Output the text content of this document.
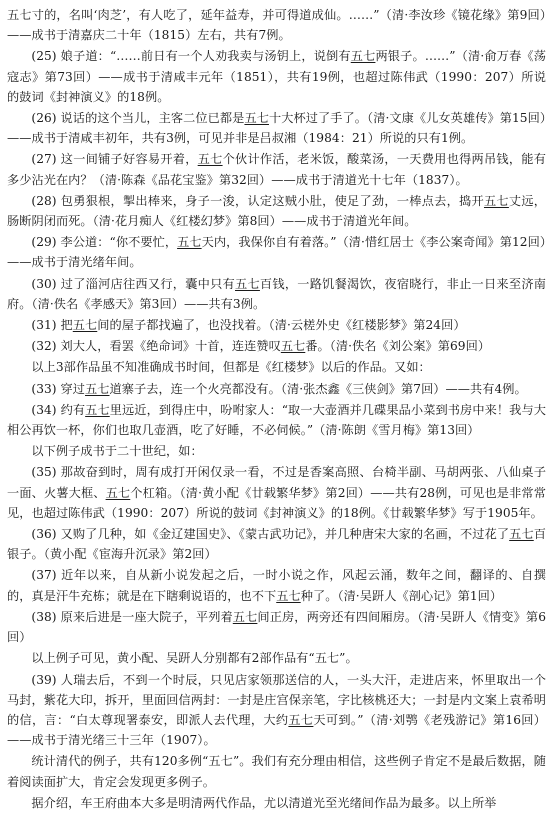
五七寸的，名叫‘肉芝’，有人吃了，延年益寿，并可得道成仙。……”（清·李汝珍《镜花缘》第9回）——成书于清嘉庆二十年（1815）左右，共有7例。
(25) 娘子道：“……前日有一个人劝我卖与汤钥上，说倒有五七两银子。……”（清·俞万春《荡寇志》第73回）——成书于清咸丰元年（1851），共有19例，也超过陈伟武（1990：207）所说的鼓词《封神演义》的18例。
(26) 说话的这个当儿，主客二位已都是五七十大杯过了手了。（清·文康《儿女英雄传》第15回）——成书于清咸丰初年，共有3例，可见并非是吕叔湘（1984：21）所说的只有1例。
(27) 这一间铺子好容易开着，五七个伙计作活，老米饭，酸菜汤，一天费用也得两吊钱，能有多少沾光在内？（清·陈森《品花宝鉴》第32回）——成书于清道光十七年（1837）。
(28) 包勇狠根，掣出棒来，身子一浚，认定这贼小肚，使足了劲，一棒点去，捣开五七丈远，肠断阴闭而死。（清·花月痴人《红楼幻梦》第8回）——成书于清道光年间。
(29) 李公道：“你不要忙，五七天内，我保你自有着落。”（清·惜红居士《李公案奇闻》第12回）——成书于清光绪年间。
(30) 过了淄河店往西又行，囊中只有五七百钱，一路饥餐渴饮，夜宿晓行，非止一日来至济南府。（清·佚名《孝感天》第3回）——共有3例。
(31) 把五七间的屋子都找遍了，也没找着。（清·云槎外史《红楼影梦》第24回）
(32) 刘大人，看罢《绝命词》十首，连连赞叹五七番。（清·佚名《刘公案》第69回）
以上3部作品虽不知准确成书时间，但都是《红楼梦》以后的作品。又如：
(33) 穿过五七道寨子去，连一个火亮都没有。（清·张杰鑫《三侠剑》第7回）——共有4例。
(34) 约有五七里远近，到得庄中，吩咐家人：“取一大壶酒并几碟果品小菜到书房中来！我与大相公再饮一杯，你们也取几壶酒，吃了好睡，不必伺候。”（清·陈朗《雪月梅》第13回）
以下例子成书于二十世纪，如：
(35) 那故奋到时，周有成打开闲仅录一看，不过是香案高照、台椅半副、马胡两张、八仙桌子一面、火薯大框、五七个杠箱。（清·黄小配《廿载繁华梦》第2回）——共有28例，可见也是非常常见，也超过陈伟武（1990：207）所说的鼓词《封神演义》的18例。《廿载繁华梦》写于1905年。
(36) 又购了几种，如《金辽建国史》、《蒙古武功记》，并几种唐宋大家的名画，不过花了五七百银子。（黄小配《宦海升沉录》第2回）
(37) 近年以来，自从新小说发起之后，一时小说之作，风起云涌，数年之间，翻译的、自撰的，真是汗牛充栋；就是在下瞎剩说语的，也不下五七种了。（清·吴趼人《剖心记》第1回）
(38) 原来后进是一座大院子，平列着五七间正房，两旁还有四间厢房。（清·吴趼人《情变》第6回）
以上例子可见，黄小配、吴趼人分别都有2部作品有“五七”。
(39) 人瑞去后，不到一个时辰，只见店家领那送信的人，一头大汗，走进店来，怀里取出一个马封，紫花大印，拆开，里面回信两封：一封是庄宫保亲笔，字比核桃还大；一封是内文案上袁希明的信，言：“白太尊现署泰安，即派人去代理，大约五七天可到。”（清·刘鹗《老残游记》第16回）——成书于清光绪三十三年（1907）。
统计清代的例子，共有120多例“五七”。我们有充分理由相信，这些例子肯定不是最后数据，随着阅读面扩大，肯定会发现更多例子。
据介绍，车王府曲本大多是明清两代作品，尤以清道光至光绪间作品为最多。以上所举
